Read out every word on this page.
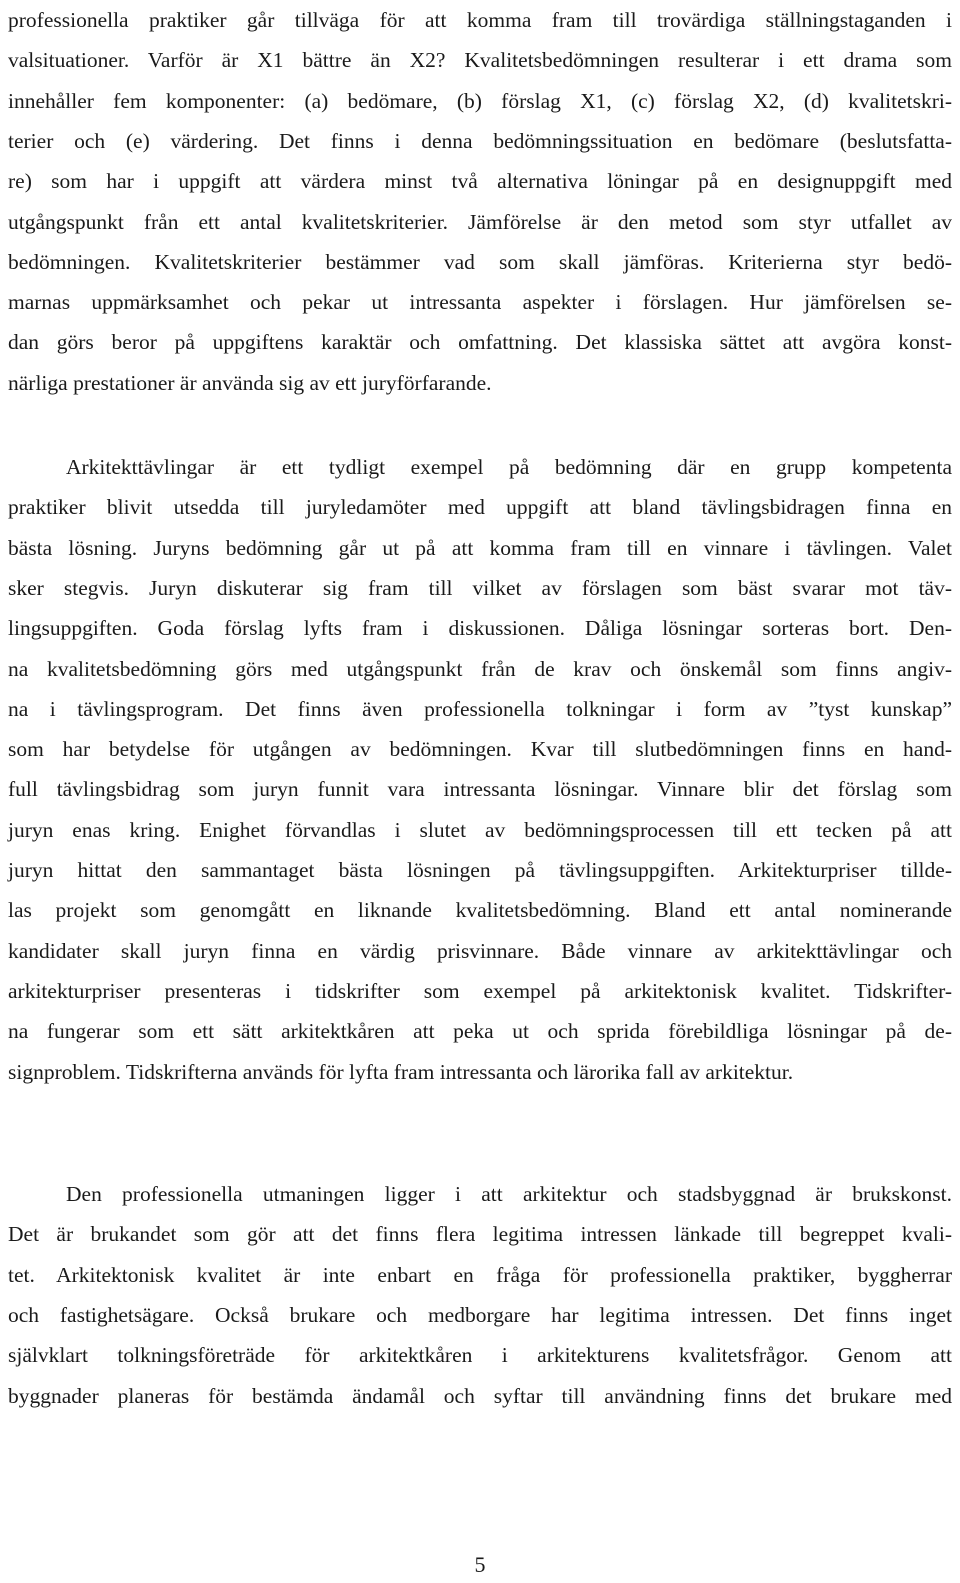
professionella praktiker går tillväga för att komma fram till trovärdiga ställningstaganden i
valsituationer. Varför är X1 bättre än X2? Kvalitetsbedömningen resulterar i ett drama som
innehåller fem komponenter: (a) bedömare, (b) förslag X1, (c) förslag X2, (d) kvalitetskri-
terier och (e) värdering. Det finns i denna bedömningssituation en bedömare (beslutsfatta-
re) som har i uppgift att värdera minst två alternativa löningar på en designuppgift med
utgångspunkt från ett antal kvalitetskriterier. Jämförelse är den metod som styr utfallet av
bedömningen. Kvalitetskriterier bestämmer vad som skall jämföras. Kriterierna styr bedö-
marnas uppmärksamhet och pekar ut intressanta aspekter i förslagen. Hur jämförelsen se-
dan görs beror på uppgiftens karaktär och omfattning. Det klassiska sättet att avgöra konst-
närliga prestationer är använda sig av ett juryförfarande.
Arkitekttävlingar är ett tydligt exempel på bedömning där en grupp kompetenta
praktiker blivit utsedda till juryledamöter med uppgift att bland tävlingsbidragen finna en
bästa lösning. Juryns bedömning går ut på att komma fram till en vinnare i tävlingen. Valet
sker stegvis. Juryn diskuterar sig fram till vilket av förslagen som bäst svarar mot täv-
lingsuppgiften. Goda förslag lyfts fram i diskussionen. Dåliga lösningar sorteras bort. Den-
na kvalitetsbedömning görs med utgångspunkt från de krav och önskemål som finns angiv-
na i tävlingsprogram. Det finns även professionella tolkningar i form av ”tyst kunskap”
som har betydelse för utgången av bedömningen. Kvar till slutbedömningen finns en hand-
full tävlingsbidrag som juryn funnit vara intressanta lösningar. Vinnare blir det förslag som
juryn enas kring. Enighet förvandlas i slutet av bedömningsprocessen till ett tecken på att
juryn hittat den sammantaget bästa lösningen på tävlingsuppgiften. Arkitekturpriser tillde-
las projekt som genomgått en liknande kvalitetsbedömning. Bland ett antal nominerande
kandidater skall juryn finna en värdig prisvinnare. Både vinnare av arkitekttävlingar och
arkitekturpriser presenteras i tidskrifter som exempel på arkitektonisk kvalitet. Tidskrifter-
na fungerar som ett sätt arkitektkåren att peka ut och sprida förebildliga lösningar på de-
signproblem. Tidskrifterna används för lyfta fram intressanta och lärorika fall av arkitektur.
Den professionella utmaningen ligger i att arkitektur och stadsbyggnad är brukskonst.
Det är brukandet som gör att det finns flera legitima intressen länkade till begreppet kvali-
tet. Arkitektonisk kvalitet är inte enbart en fråga för professionella praktiker, byggherrar
och fastighetsägare. Också brukare och medborgare har legitima intressen. Det finns inget
självklart tolkningsföreträde för arkitektkåren i arkitekturens kvalitetsfrågor. Genom att
byggnader planeras för bestämda ändamål och syftar till användning finns det brukare med
5
